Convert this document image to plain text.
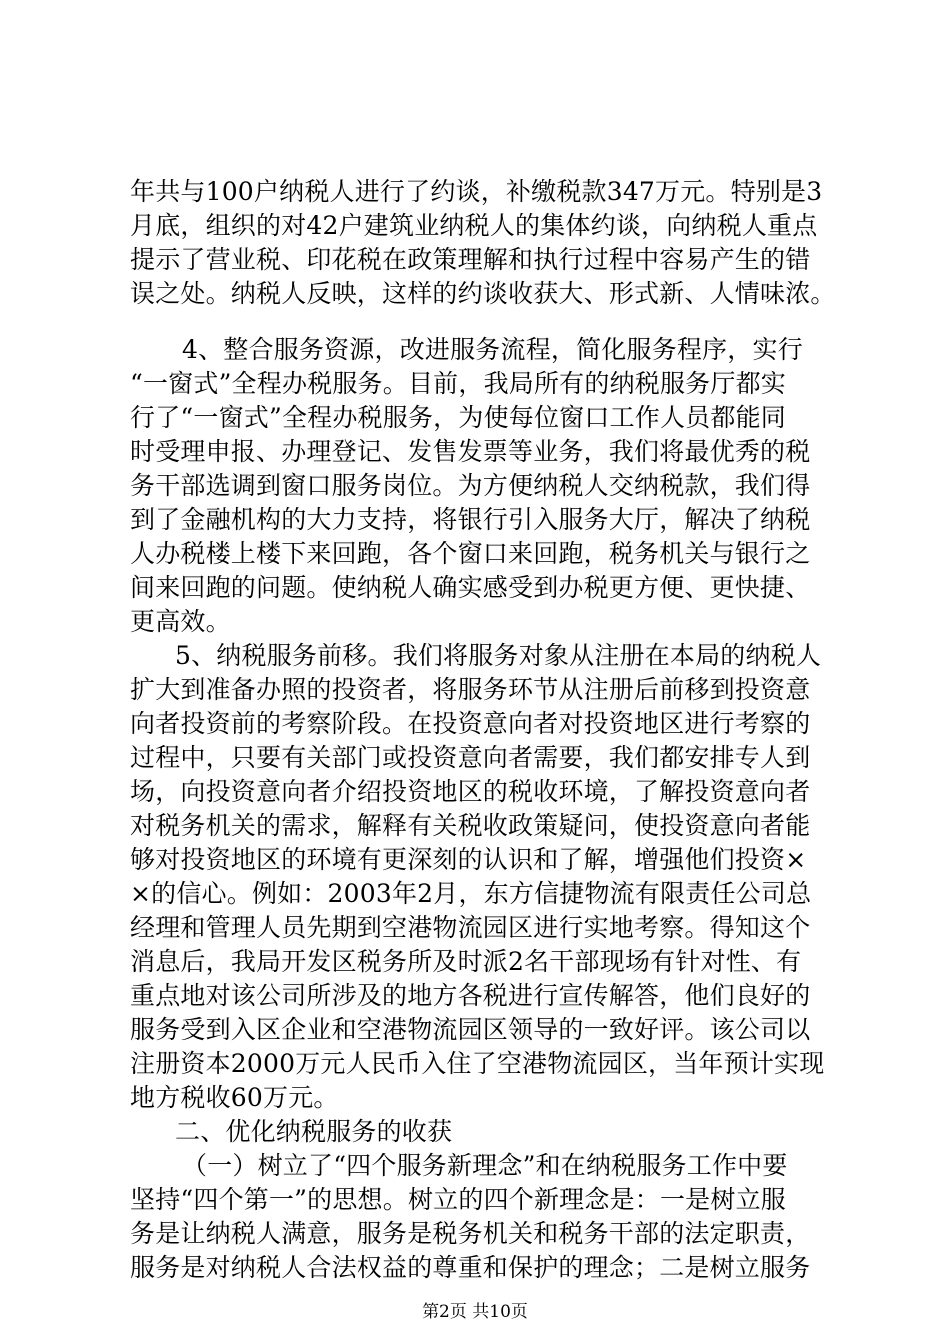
年共与100户纳税人进行了约谈，补缴税款347万元。特别是3
月底，组织的对42户建筑业纳税人的集体约谈，向纳税人重点
提示了营业税、印花税在政策理解和执行过程中容易产生的错
误之处。纳税人反映，这样的约谈收获大、形式新、人情味浓。
4、整合服务资源，改进服务流程，简化服务程序，实行
“一窗式”全程办税服务。目前，我局所有的纳税服务厅都实
行了“一窗式”全程办税服务，为使每位窗口工作人员都能同
时受理申报、办理登记、发售发票等业务，我们将最优秀的税
务干部选调到窗口服务岗位。为方便纳税人交纳税款，我们得
到了金融机构的大力支持，将银行引入服务大厅，解决了纳税
人办税楼上楼下来回跑，各个窗口来回跑，税务机关与银行之
间来回跑的问题。使纳税人确实感受到办税更方便、更快捷、
更高效。
5、纳税服务前移。我们将服务对象从注册在本局的纳税人
扩大到准备办照的投资者，将服务环节从注册后前移到投资意
向者投资前的考察阶段。在投资意向者对投资地区进行考察的
过程中，只要有关部门或投资意向者需要，我们都安排专人到
场，向投资意向者介绍投资地区的税收环境，了解投资意向者
对税务机关的需求，解释有关税收政策疑问，使投资意向者能
够对投资地区的环境有更深刻的认识和了解，增强他们投资×
×的信心。例如：2003年2月，东方信捷物流有限责任公司总
经理和管理人员先期到空港物流园区进行实地考察。得知这个
消息后，我局开发区税务所及时派2名干部现场有针对性、有
重点地对该公司所涉及的地方各税进行宣传解答，他们良好的
服务受到入区企业和空港物流园区领导的一致好评。该公司以
注册资本2000万元人民币入住了空港物流园区，当年预计实现
地方税收60万元。
二、优化纳税服务的收获
（一）树立了“四个服务新理念”和在纳税服务工作中要
坚持“四个第一”的思想。树立的四个新理念是：一是树立服
务是让纳税人满意，服务是税务机关和税务干部的法定职责，
服务是对纳税人合法权益的尊重和保护的理念；二是树立服务
第2页 共10页
